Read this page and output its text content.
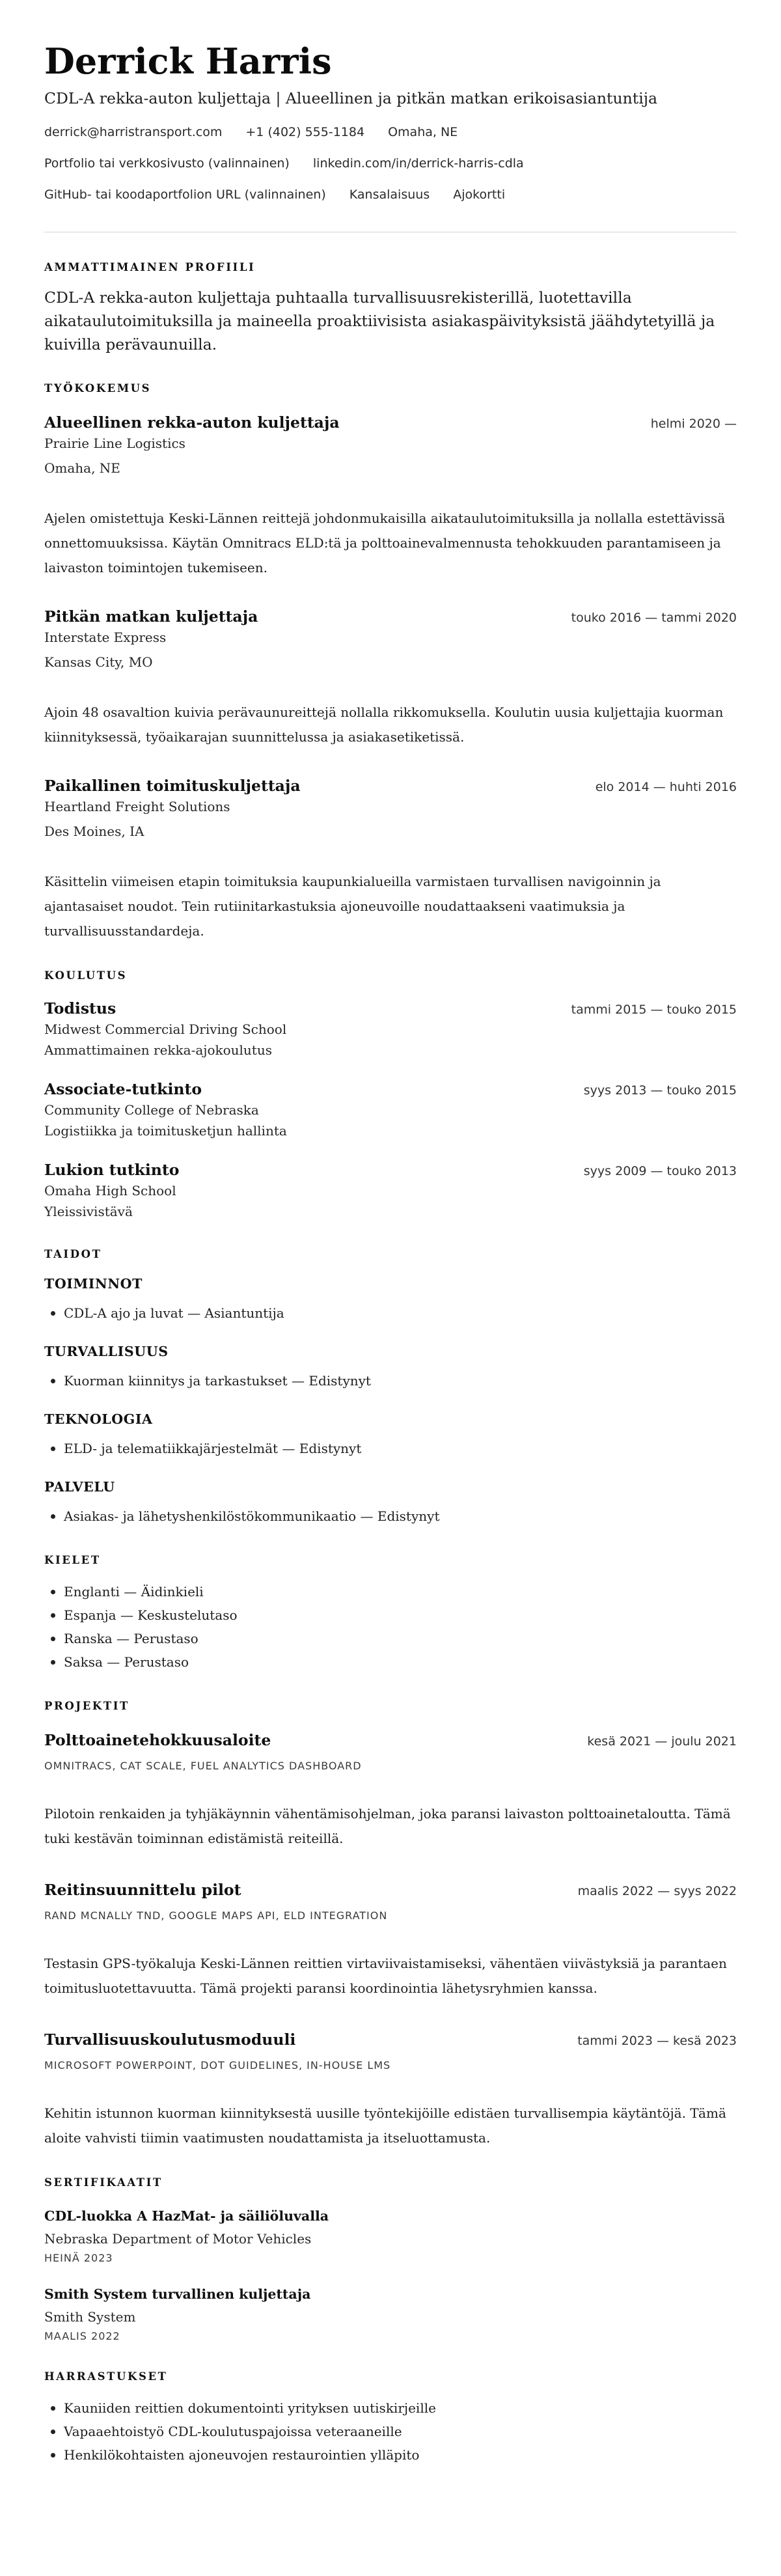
Derrick Harris
CDL-A rekka-auton kuljettaja | Alueellinen ja pitkän matkan erikoisasiantuntija
derrick@harristransport.com +1 (402) 555-1184 Omaha, NE
Portfolio tai verkkosivusto (valinnainen) linkedin.com/in/derrick-harris-cdla
GitHub- tai koodaportfolion URL (valinnainen) Kansalaisuus Ajokortti
AMMATTIMAINEN PROFIILI

CDL-A rekka-auton kuljettaja puhtaalla turvallisuusrekisterillä, luotettavilla aikataulutoimituksilla ja maineella proaktiivisista asiakaspäivityksistä jäähdytetyillä ja kuivilla perävaunuilla.

TYÖKOKEMUS
Alueellinen rekka-auton kuljettaja	helmi 2020 —
Prairie Line Logistics
Omaha, NE

Ajelen omistettuja Keski-Lännen reittejä johdonmukaisilla aikataulutoimituksilla ja nollalla estettävissä onnettomuuksissa. Käytän Omnitracs ELD:tä ja polttoainevalmennusta tehokkuuden parantamiseen ja laivaston toimintojen tukemiseen.

Pitkän matkan kuljettaja	touko 2016 — tammi 2020
Interstate Express
Kansas City, MO

Ajoin 48 osavaltion kuivia perävaunureittejä nollalla rikkomuksella. Koulutin uusia kuljettajia kuorman kiinnityksessä, työaikarajan suunnittelussa ja asiakasetiketissä.

Paikallinen toimituskuljettaja	elo 2014 — huhti 2016
Heartland Freight Solutions
Des Moines, IA

Käsittelin viimeisen etapin toimituksia kaupunkialueilla varmistaen turvallisen navigoinnin ja ajantasaiset noudot. Tein rutiinitarkastuksia ajoneuvoille noudattaakseni vaatimuksia ja turvallisuusstandardeja.

KOULUTUS
Todistus	tammi 2015 — touko 2015
Midwest Commercial Driving School
Ammattimainen rekka-ajokoulutus
Associate-tutkinto	syys 2013 — touko 2015
Community College of Nebraska
Logistiikka ja toimitusketjun hallinta
Lukion tutkinto	syys 2009 — touko 2013
Omaha High School
Yleissivistävä
TAIDOT
TOIMINNOT
CDL-A ajo ja luvat — Asiantuntija
TURVALLISUUS
Kuorman kiinnitys ja tarkastukset — Edistynyt
TEKNOLOGIA
ELD- ja telematiikkajärjestelmät — Edistynyt
PALVELU
Asiakas- ja lähetyshenkilöstökommunikaatio — Edistynyt
KIELET
Englanti — Äidinkieli
Espanja — Keskustelutaso
Ranska — Perustaso
Saksa — Perustaso
PROJEKTIT
Polttoainetehokkuusaloite	kesä 2021 — joulu 2021
OMNITRACS, CAT SCALE, FUEL ANALYTICS DASHBOARD

Pilotoin renkaiden ja tyhjäkäynnin vähentämisohjelman, joka paransi laivaston polttoainetaloutta. Tämä tuki kestävän toiminnan edistämistä reiteillä.

Reitinsuunnittelu pilot	maalis 2022 — syys 2022
RAND MCNALLY TND, GOOGLE MAPS API, ELD INTEGRATION

Testasin GPS-työkaluja Keski-Lännen reittien virtaviivaistamiseksi, vähentäen viivästyksiä ja parantaen toimitusluotettavuutta. Tämä projekti paransi koordinointia lähetysryhmien kanssa.

Turvallisuuskoulutusmoduuli	tammi 2023 — kesä 2023
MICROSOFT POWERPOINT, DOT GUIDELINES, IN-HOUSE LMS

Kehitin istunnon kuorman kiinnityksestä uusille työntekijöille edistäen turvallisempia käytäntöjä. Tämä aloite vahvisti tiimin vaatimusten noudattamista ja itseluottamusta.

SERTIFIKAATIT
CDL-luokka A HazMat- ja säiliöluvalla
Nebraska Department of Motor Vehicles
HEINÄ 2023
Smith System turvallinen kuljettaja
Smith System
MAALIS 2022
HARRASTUKSET
Kauniiden reittien dokumentointi yrityksen uutiskirjeille
Vapaaehtoistyö CDL-koulutuspajoissa veteraaneille
Henkilökohtaisten ajoneuvojen restaurointien ylläpito
